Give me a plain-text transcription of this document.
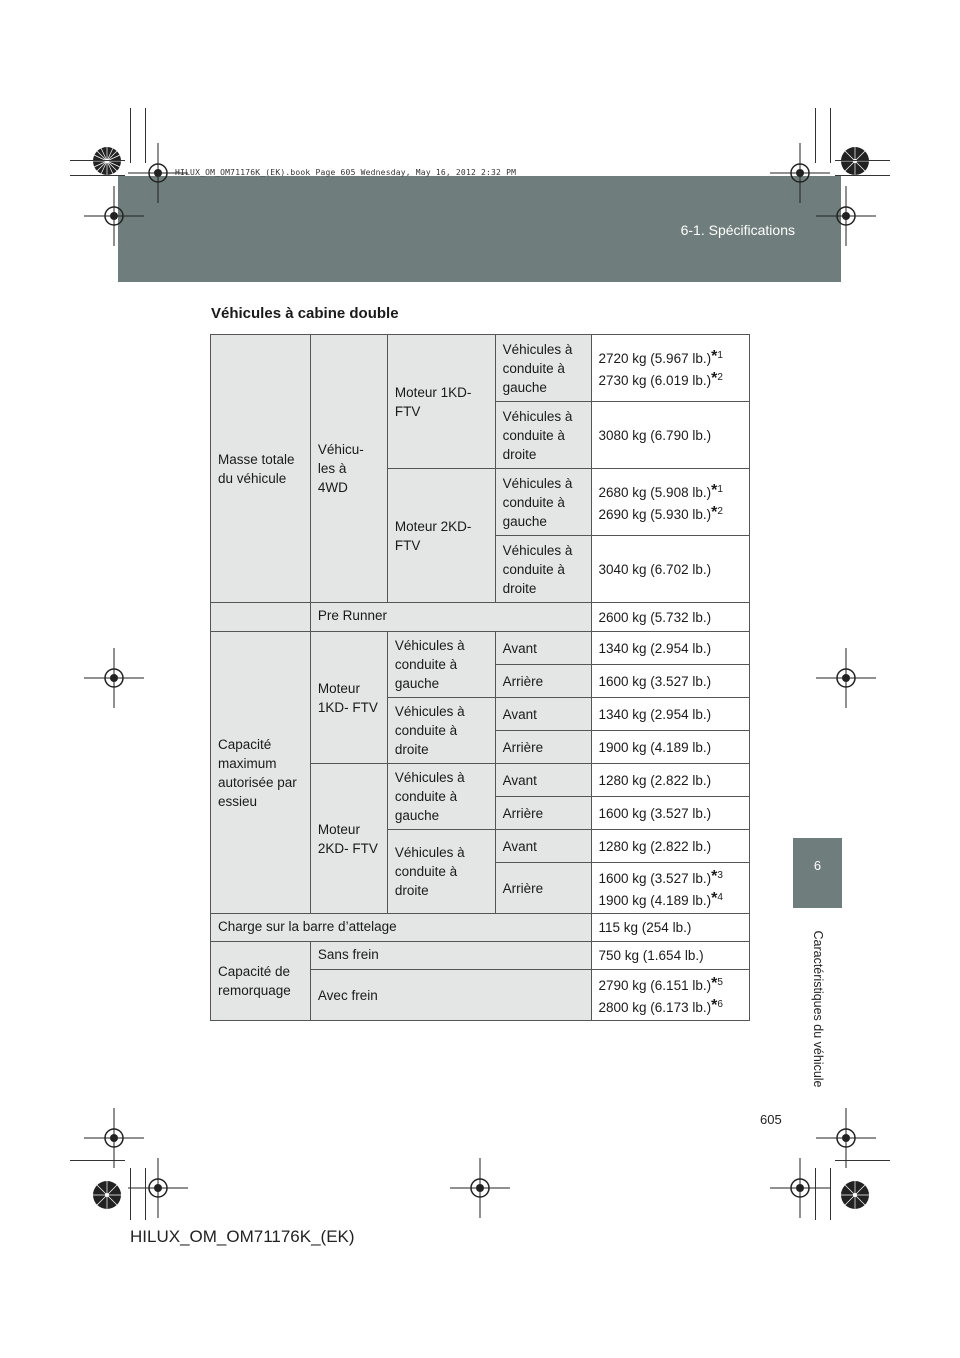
6-1. Spécifications
HILUX_OM_OM71176K_(EK).book Page 605 Wednesday, May 16, 2012 2:32 PM
6
Caractéristiques du véhicule
Véhicules à cabine double
Masse totale du véhicule	Véhicu- les à 4WD	Moteur 1KD-FTV	Véhicules à conduite à gauche	2720 kg (5.967 lb.)*$^1$
2730 kg (6.019 lb.)*$^2$
			Véhicules à conduite à droite	3080 kg (6.790 lb.)
		Moteur 2KD-FTV	Véhicules à conduite à gauche	2680 kg (5.908 lb.)*$^1$
2690 kg (5.930 lb.)*$^2$
			Véhicules à conduite à droite	3040 kg (6.702 lb.)
	Pre Runner			2600 kg (5.732 lb.)
Capacité maximum autorisée par essieu	Moteur 1KD- FTV	Véhicules à conduite à gauche	Avant	1340 kg (2.954 lb.)
			Arrière	1600 kg (3.527 lb.)
		Véhicules à conduite à droite	Avant	1340 kg (2.954 lb.)
			Arrière	1900 kg (4.189 lb.)
	Moteur 2KD- FTV	Véhicules à conduite à gauche	Avant	1280 kg (2.822 lb.)
			Arrière	1600 kg (3.527 lb.)
		Véhicules à conduite à droite	Avant	1280 kg (2.822 lb.)
			Arrière	1600 kg (3.527 lb.)*$^3$
1900 kg (4.189 lb.)*$^4$
Charge sur la barre d’attelage				115 kg (254 lb.)
Capacité de remorquage	Sans frein			750 kg (1.654 lb.)
	Avec frein			2790 kg (6.151 lb.)*$^5$
2800 kg (6.173 lb.)*$^6$
605
HILUX_OM_OM71176K_(EK)
